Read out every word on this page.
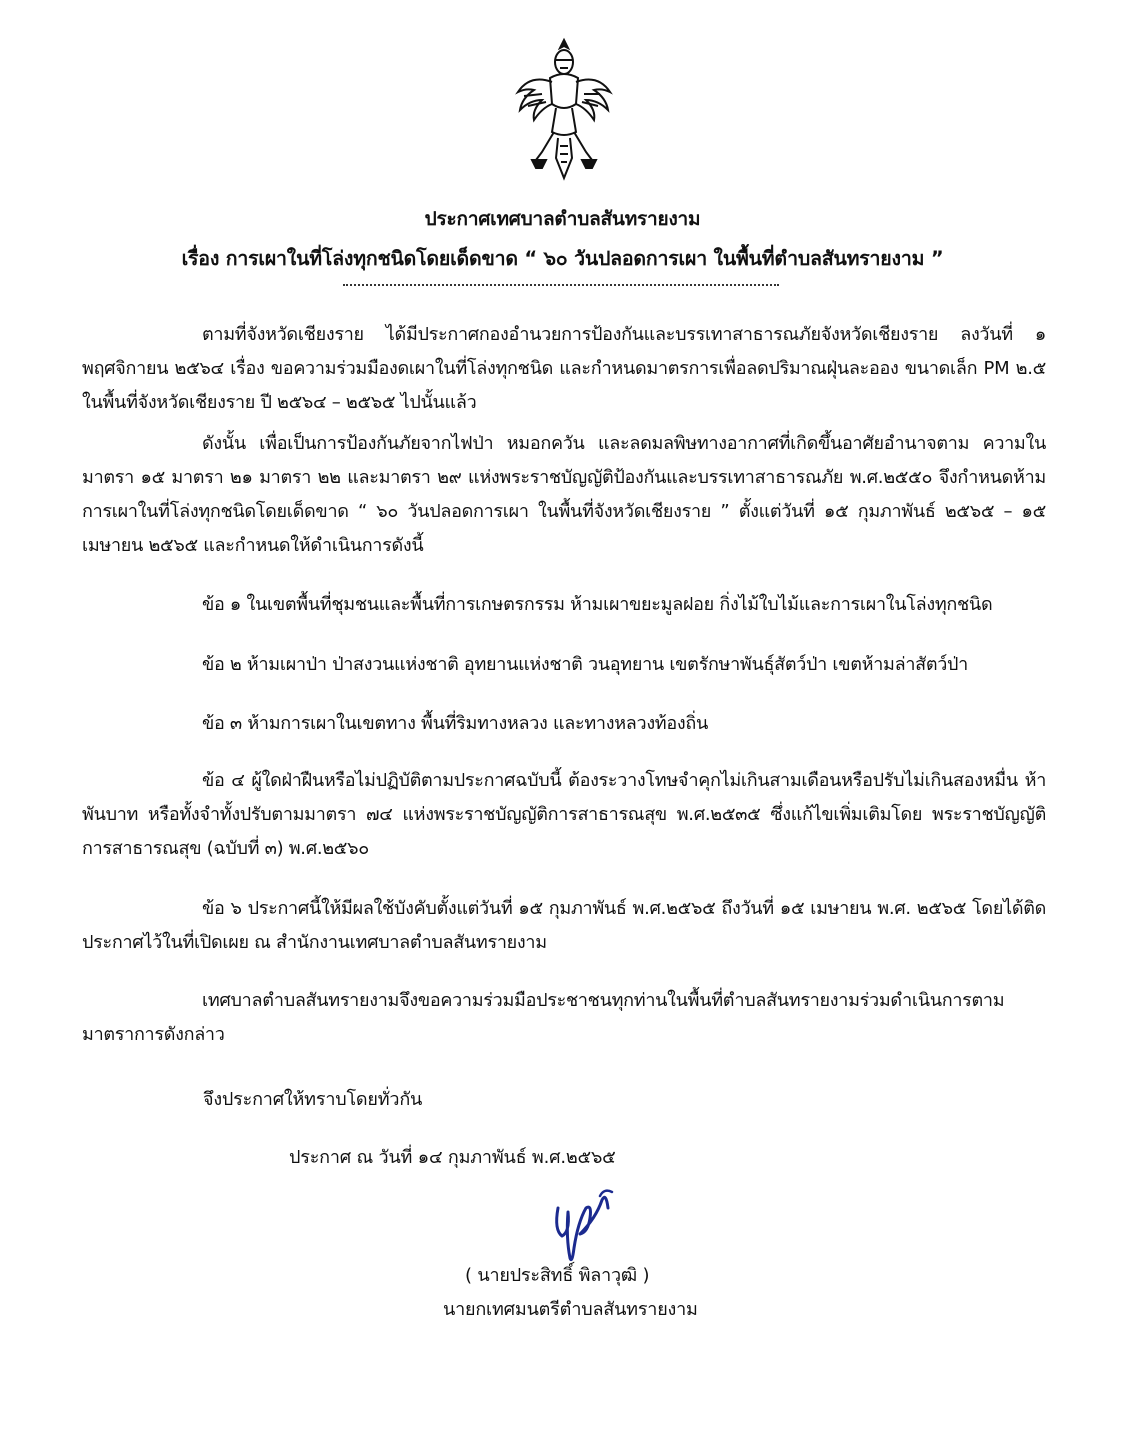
ประกาศเทศบาลตำบลสันทรายงาม
เรื่อง การเผาในที่โล่งทุกชนิดโดยเด็ดขาด “ ๖๐ วันปลอดการเผา ในพื้นที่ตำบลสันทรายงาม ”

ตามที่จังหวัดเชียงราย ได้มีประกาศกองอำนวยการป้องกันและบรรเทาสาธารณภัยจังหวัดเชียงราย ลงวันที่ ๑ พฤศจิกายน ๒๕๖๔ เรื่อง ขอความร่วมมืองดเผาในที่โล่งทุกชนิด และกำหนดมาตรการเพื่อลดปริมาณฝุ่นละออง ขนาดเล็ก PM ๒.๕ ในพื้นที่จังหวัดเชียงราย ปี ๒๕๖๔ – ๒๕๖๕ ไปนั้นแล้ว

ดังนั้น เพื่อเป็นการป้องกันภัยจากไฟป่า หมอกควัน และลดมลพิษทางอากาศที่เกิดขึ้นอาศัยอำนาจตาม ความในมาตรา ๑๕ มาตรา ๒๑ มาตรา ๒๒ และมาตรา ๒๙ แห่งพระราชบัญญัติป้องกันและบรรเทาสาธารณภัย พ.ศ.๒๕๕๐ จึงกำหนดห้ามการเผาในที่โล่งทุกชนิดโดยเด็ดขาด “ ๖๐ วันปลอดการเผา ในพื้นที่จังหวัดเชียงราย ” ตั้งแต่วันที่ ๑๕ กุมภาพันธ์ ๒๕๖๕ – ๑๕ เมษายน ๒๕๖๕ และกำหนดให้ดำเนินการดังนี้

ข้อ ๑ ในเขตพื้นที่ชุมชนและพื้นที่การเกษตรกรรม ห้ามเผาขยะมูลฝอย กิ่งไม้ใบไม้และการเผาในโล่งทุกชนิด
ข้อ ๒ ห้ามเผาป่า ป่าสงวนแห่งชาติ อุทยานแห่งชาติ วนอุทยาน เขตรักษาพันธุ์สัตว์ป่า เขตห้ามล่าสัตว์ป่า
ข้อ ๓ ห้ามการเผาในเขตทาง พื้นที่ริมทางหลวง และทางหลวงท้องถิ่น

ข้อ ๔ ผู้ใดฝ่าฝืนหรือไม่ปฏิบัติตามประกาศฉบับนี้ ต้องระวางโทษจำคุกไม่เกินสามเดือนหรือปรับไม่เกินสองหมื่น ห้าพันบาท หรือทั้งจำทั้งปรับตามมาตรา ๗๔ แห่งพระราชบัญญัติการสาธารณสุข พ.ศ.๒๕๓๕ ซึ่งแก้ไขเพิ่มเติมโดย พระราชบัญญัติการสาธารณสุข (ฉบับที่ ๓) พ.ศ.๒๕๖๐

ข้อ ๖ ประกาศนี้ให้มีผลใช้บังคับตั้งแต่วันที่ ๑๕ กุมภาพันธ์ พ.ศ.๒๕๖๕ ถึงวันที่ ๑๕ เมษายน พ.ศ. ๒๕๖๕ โดยได้ติดประกาศไว้ในที่เปิดเผย ณ สำนักงานเทศบาลตำบลสันทรายงาม

เทศบาลตำบลสันทรายงามจึงขอความร่วมมือประชาชนทุกท่านในพื้นที่ตำบลสันทรายงามร่วมดำเนินการตาม มาตราการดังกล่าว

จึงประกาศให้ทราบโดยทั่วกัน
ประกาศ ณ วันที่ ๑๔ กุมภาพันธ์ พ.ศ.๒๕๖๕
( นายประสิทธิ์ พิลาวุฒิ )
นายกเทศมนตรีตำบลสันทรายงาม
